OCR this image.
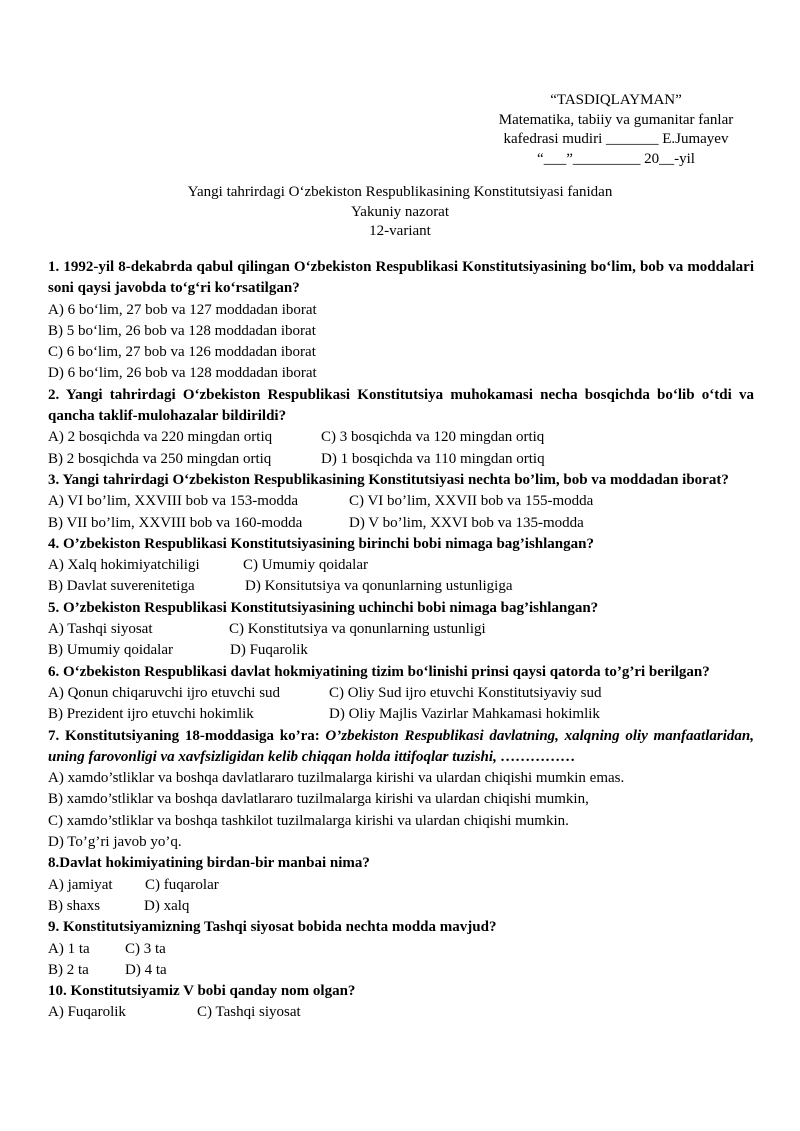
“TASDIQLAYMAN”
Matematika, tabiiy va gumanitar fanlar
kafedrasi mudiri _______ E.Jumayev
“___”_________ 20__-yil
Yangi tahrirdagi O‘zbekiston Respublikasining Konstitutsiyasi fanidan
Yakuniy nazorat
12-variant
1. 1992-yil 8-dekabrda qabul qilingan O‘zbekiston Respublikasi Konstitutsiyasining bo‘lim, bob va moddalari soni qaysi javobda to‘g‘ri ko‘rsatilgan?
A) 6 bo‘lim, 27 bob va 127 moddadan iborat
B) 5 bo‘lim, 26 bob va 128 moddadan iborat
C) 6 bo‘lim, 27 bob va 126 moddadan iborat
D) 6 bo‘lim, 26 bob va 128 moddadan iborat
2. Yangi tahrirdagi O‘zbekiston Respublikasi Konstitutsiya muhokamasi necha bosqichda bo‘lib o‘tdi va qancha taklif-mulohazalar bildirildi?
A) 2 bosqichda va 220 mingdan ortiq	C) 3 bosqichda va 120 mingdan ortiq
B) 2 bosqichda va 250 mingdan ortiq	D) 1 bosqichda va 110 mingdan ortiq
3. Yangi tahrirdagi O‘zbekiston Respublikasining Konstitutsiyasi nechta bo’lim, bob va moddadan iborat?
A) VI bo’lim, XXVIII bob va 153-modda	C) VI bo’lim, XXVII bob va 155-modda
B) VII bo’lim, XXVIII bob va 160-modda	D) V bo’lim, XXVI bob va 135-modda
4. O’zbekiston Respublikasi Konstitutsiyasining birinchi bobi nimaga bag’ishlangan?
A) Xalq hokimiyatchiligi	C) Umumiy qoidalar
B) Davlat suverenitetiga	D) Konsitutsiya va qonunlarning ustunligiga
5. O’zbekiston Respublikasi Konstitutsiyasining uchinchi bobi nimaga bag’ishlangan?
A) Tashqi siyosat	C) Konstitutsiya va qonunlarning ustunligi
B) Umumiy qoidalar	D) Fuqarolik
6. O‘zbekiston Respublikasi davlat hokmiyatining tizim bo‘linishi prinsi qaysi qatorda to’g’ri berilgan?
A) Qonun chiqaruvchi ijro etuvchi sud	C) Oliy Sud ijro etuvchi Konstitutsiyaviy sud
B) Prezident ijro etuvchi hokimlik	D) Oliy Majlis Vazirlar Mahkamasi hokimlik
7. Konstitutsiyaning 18-moddasiga ko’ra: O’zbekiston Respublikasi davlatning, xalqning oliy manfaatlaridan, uning farovonligi va xavfsizligidan kelib chiqqan holda ittifoqlar tuzishi, ……………
A) xamdo’stliklar va boshqa davlatlararo tuzilmalarga kirishi va ulardan chiqishi mumkin emas.
B) xamdo’stliklar va boshqa davlatlararo tuzilmalarga kirishi va ulardan chiqishi mumkin,
C) xamdo’stliklar va boshqa tashkilot tuzilmalarga kirishi va ulardan chiqishi mumkin.
D) To’g’ri javob yo’q.
8.Davlat hokimiyatining birdan-bir manbai nima?
A) jamiyat	C) fuqarolar
B) shaxs	D) xalq
9. Konstitutsiyamizning Tashqi siyosat bobida nechta modda mavjud?
A) 1 ta	C) 3 ta
B) 2 ta	D) 4 ta
10. Konstitutsiyamiz V bobi qanday nom olgan?
A) Fuqarolik	C) Tashqi siyosat
